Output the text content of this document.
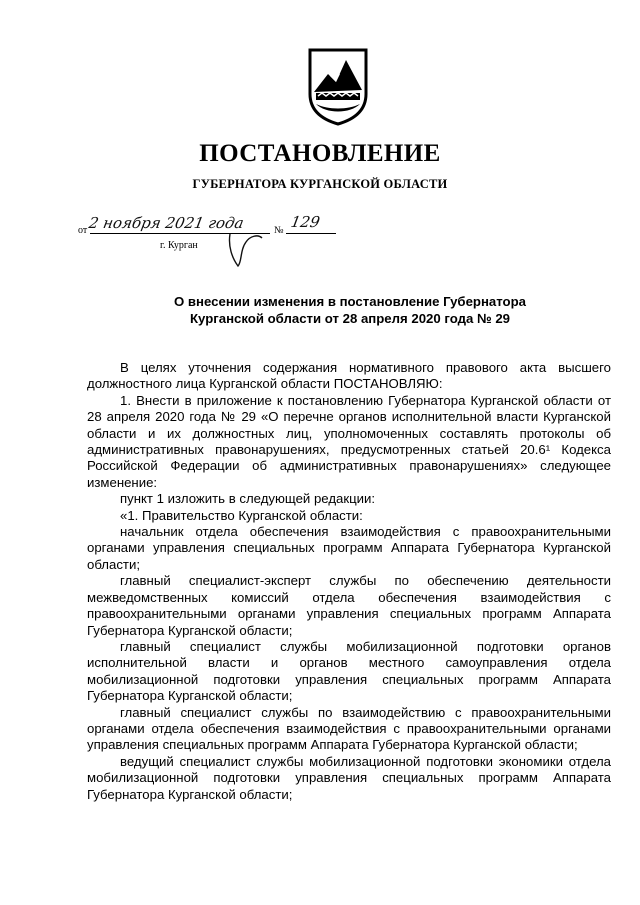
ПОСТАНОВЛЕНИЕ
ГУБЕРНАТОРА КУРГАНСКОЙ ОБЛАСТИ
от 2 ноября 2021 года	№ 129
г. Курган
О внесении изменения в постановление Губернатора
Курганской области от 28 апреля 2020 года № 29

В целях уточнения содержания нормативного правового акта высшего должностного лица Курганской области ПОСТАНОВЛЯЮ:

1. Внести в приложение к постановлению Губернатора Курганской области от 28 апреля 2020 года № 29 «О перечне органов исполнительной власти Курганской области и их должностных лиц, уполномоченных составлять протоколы об административных правонарушениях, предусмотренных статьей 20.6¹ Кодекса Российской Федерации об административных правонарушениях» следующее изменение:

пункт 1 изложить в следующей редакции:

«1. Правительство Курганской области:

начальник отдела обеспечения взаимодействия с правоохранительными органами управления специальных программ Аппарата Губернатора Курганской области;

главный специалист-эксперт службы по обеспечению деятельности межведомственных комиссий отдела обеспечения взаимодействия с правоохранительными органами управления специальных программ Аппарата Губернатора Курганской области;

главный специалист службы мобилизационной подготовки органов исполнительной власти и органов местного самоуправления отдела мобилизационной подготовки управления специальных программ Аппарата Губернатора Курганской области;

главный специалист службы по взаимодействию с правоохранительными органами отдела обеспечения взаимодействия с правоохранительными органами управления специальных программ Аппарата Губернатора Курганской области;

ведущий специалист службы мобилизационной подготовки экономики отдела мобилизационной подготовки управления специальных программ Аппарата Губернатора Курганской области;
